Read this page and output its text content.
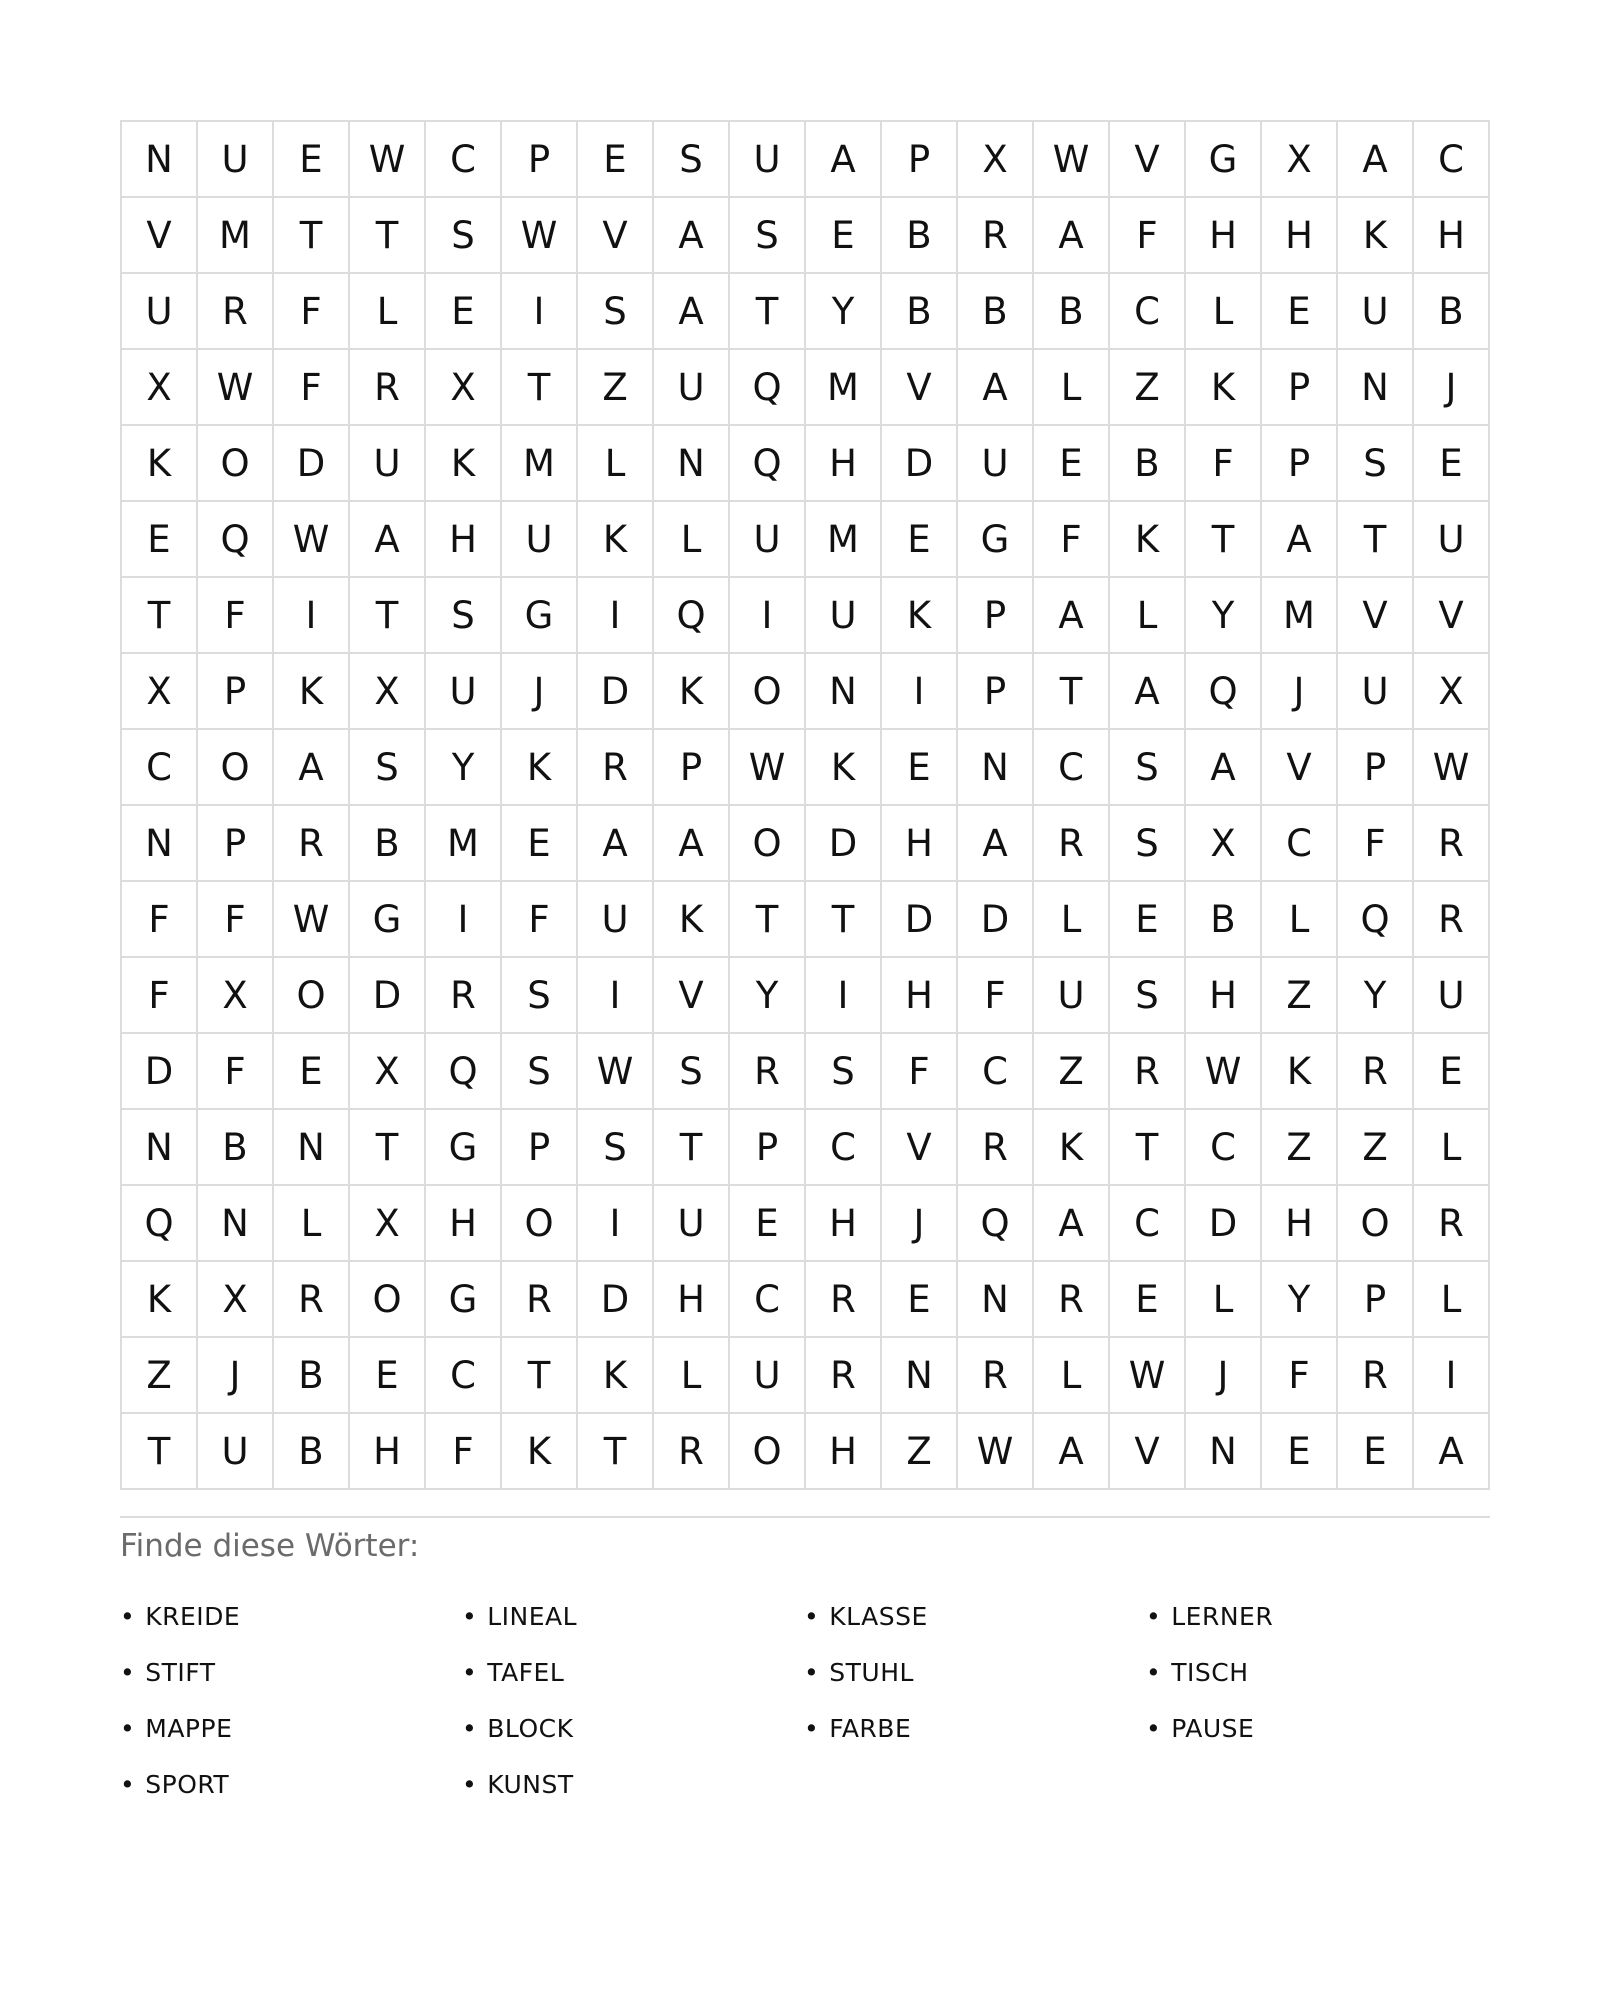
N	U	E	W	C	P	E	S	U	A	P	X	W	V	G	X	A	C
V	M	T	T	S	W	V	A	S	E	B	R	A	F	H	H	K	H
U	R	F	L	E	I	S	A	T	Y	B	B	B	C	L	E	U	B
X	W	F	R	X	T	Z	U	Q	M	V	A	L	Z	K	P	N	J
K	O	D	U	K	M	L	N	Q	H	D	U	E	B	F	P	S	E
E	Q	W	A	H	U	K	L	U	M	E	G	F	K	T	A	T	U
T	F	I	T	S	G	I	Q	I	U	K	P	A	L	Y	M	V	V
X	P	K	X	U	J	D	K	O	N	I	P	T	A	Q	J	U	X
C	O	A	S	Y	K	R	P	W	K	E	N	C	S	A	V	P	W
N	P	R	B	M	E	A	A	O	D	H	A	R	S	X	C	F	R
F	F	W	G	I	F	U	K	T	T	D	D	L	E	B	L	Q	R
F	X	O	D	R	S	I	V	Y	I	H	F	U	S	H	Z	Y	U
D	F	E	X	Q	S	W	S	R	S	F	C	Z	R	W	K	R	E
N	B	N	T	G	P	S	T	P	C	V	R	K	T	C	Z	Z	L
Q	N	L	X	H	O	I	U	E	H	J	Q	A	C	D	H	O	R
K	X	R	O	G	R	D	H	C	R	E	N	R	E	L	Y	P	L
Z	J	B	E	C	T	K	L	U	R	N	R	L	W	J	F	R	I
T	U	B	H	F	K	T	R	O	H	Z	W	A	V	N	E	E	A
Finde diese Wörter:
• KREIDE	• LINEAL	• KLASSE	• LERNER
• STIFT	• TAFEL	• STUHL	• TISCH
• MAPPE	• BLOCK	• FARBE	• PAUSE
• SPORT	• KUNST
